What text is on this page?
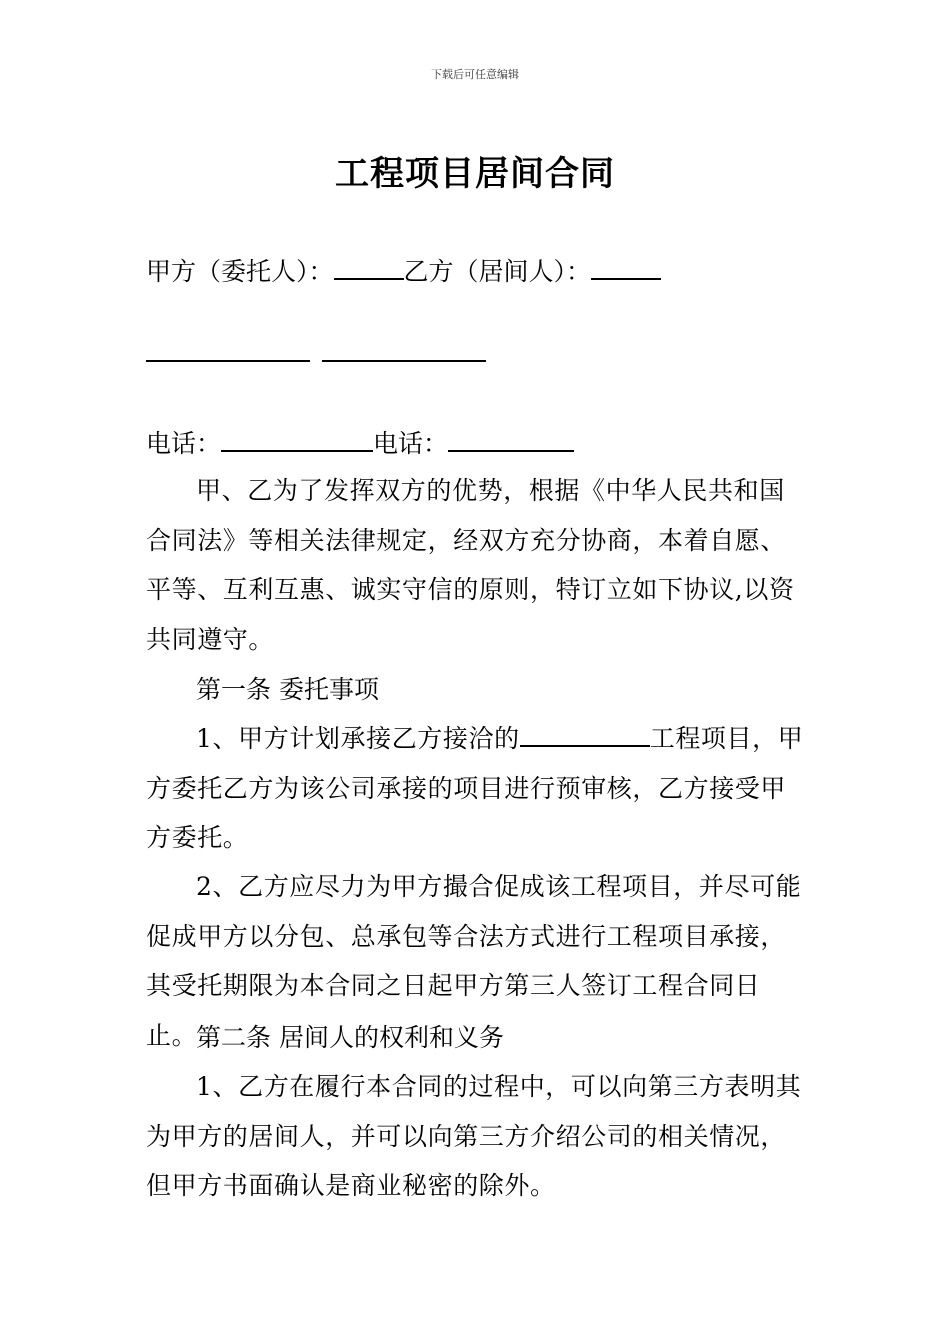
下载后可任意编辑
工程项目居间合同
甲方（委托人）：	乙方（居间人）：

电话：	电话：
甲、乙为了发挥双方的优势，根据《中华人民共和国合同法》等相关法律规定，经双方充分协商，本着自愿、平等、互利互惠、诚实守信的原则，特订立如下协议,以资共同遵守。
第一条 委托事项
1、甲方计划承接乙方接洽的	工程项目，甲方委托乙方为该公司承接的项目进行预审核，乙方接受甲方委托。
2、乙方应尽力为甲方撮合促成该工程项目，并尽可能促成甲方以分包、总承包等合法方式进行工程项目承接，其受托期限为本合同之日起甲方第三人签订工程合同日止。
第二条 居间人的权利和义务
1、乙方在履行本合同的过程中，可以向第三方表明其为甲方的居间人，并可以向第三方介绍公司的相关情况，但甲方书面确认是商业秘密的除外。
